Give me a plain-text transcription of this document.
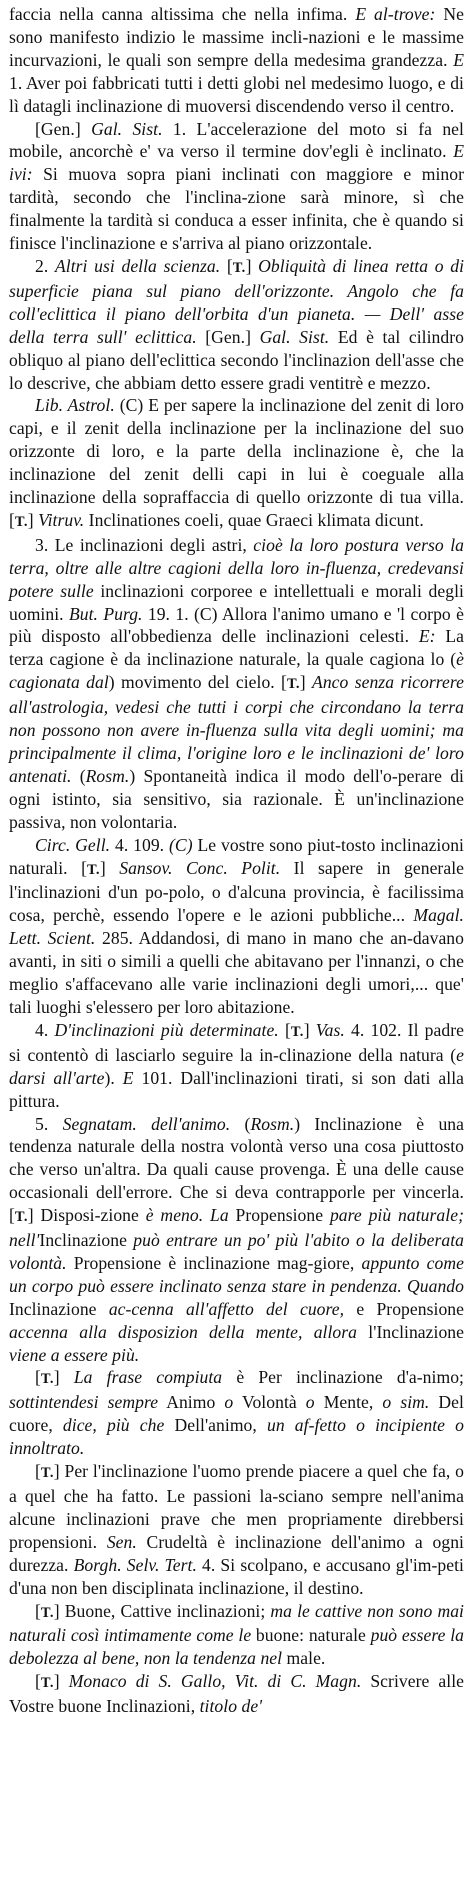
faccia nella canna altissima che nella infima. E al-trove: Ne sono manifesto indizio le massime incli-nazioni e le massime incurvazioni, le quali son sempre della medesima grandezza. E 1. Aver poi fabbricati tutti i detti globi nel medesimo luogo, e di lì datagli inclinazione di muoversi discendendo verso il centro.

[Gen.] Gal. Sist. 1. L'accelerazione del moto si fa nel mobile, ancorchè e' va verso il termine dov'egli è inclinato. E ivi: Si muova sopra piani inclinati con maggiore e minor tardità, secondo che l'inclina-zione sarà minore, sì che finalmente la tardità si conduca a esser infinita, che è quando si finisce l'inclinazione e s'arriva al piano orizzontale.

2. Altri usi della scienza. [T.] Obliquità di linea retta o di superficie piana sul piano dell'orizzonte. Angolo che fa coll'eclittica il piano dell'orbita d'un pianeta. — Dell' asse della terra sull' eclittica. [Gen.] Gal. Sist. Ed è tal cilindro obliquo al piano dell'eclittica secondo l'inclinazion dell'asse che lo descrive, che abbiam detto essere gradi ventitrè e mezzo.

Lib. Astrol. (C) E per sapere la inclinazione del zenit di loro capi, e il zenit della inclinazione per la inclinazione del suo orizzonte di loro, e la parte della inclinazione è, che la inclinazione del zenit delli capi in lui è coeguale alla inclinazione della sopraffaccia di quello orizzonte di tua villa. [T.] Vitruv. Inclinationes coeli, quae Graeci klimata dicunt.

3. Le inclinazioni degli astri, cioè la loro postura verso la terra, oltre alle altre cagioni della loro in-fluenza, credevansi potere sulle inclinazioni corporee e intellettuali e morali degli uomini. But. Purg. 19. 1. (C) Allora l'animo umano e 'l corpo è più disposto all'obbedienza delle inclinazioni celesti. E: La terza cagione è da inclinazione naturale, la quale cagiona lo (è cagionata dal) movimento del cielo. [T.] Anco senza ricorrere all'astrologia, vedesi che tutti i corpi che circondano la terra non possono non avere in-fluenza sulla vita degli uomini; ma principalmente il clima, l'origine loro e le inclinazioni de' loro antenati. (Rosm.) Spontaneità indica il modo dell'o-perare di ogni istinto, sia sensitivo, sia razionale. È un'inclinazione passiva, non volontaria.

Circ. Gell. 4. 109. (C) Le vostre sono piut-tosto inclinazioni naturali. [T.] Sansov. Conc. Polit. Il sapere in generale l'inclinazioni d'un po-polo, o d'alcuna provincia, è facilissima cosa, perchè, essendo l'opere e le azioni pubbliche... Magal. Lett. Scient. 285. Addandosi, di mano in mano che an-davano avanti, in siti o simili a quelli che abitavano per l'innanzi, o che meglio s'affacevano alle varie inclinazioni degli umori,... que' tali luoghi s'elessero per loro abitazione.

4. D'inclinazioni più determinate. [T.] Vas. 4. 102. Il padre si contentò di lasciarlo seguire la in-clinazione della natura (e darsi all'arte). E 101. Dall'inclinazioni tirati, si son dati alla pittura.

5. Segnatam. dell'animo. (Rosm.) Inclinazione è una tendenza naturale della nostra volontà verso una cosa piuttosto che verso un'altra. Da quali cause provenga. È una delle cause occasionali dell'errore. Che si deva contrapporle per vincerla. [T.] Disposi-zione è meno. La Propensione pare più naturale; nell'Inclinazione può entrare un po' più l'abito o la deliberata volontà. Propensione è inclinazione mag-giore, appunto come un corpo può essere inclinato senza stare in pendenza. Quando Inclinazione ac-cenna all'affetto del cuore, e Propensione accenna alla disposizion della mente, allora l'Inclinazione viene a essere più.

[T.] La frase compiuta è Per inclinazione d'a-nimo; sottintendesi sempre Animo o Volontà o Mente, o sim. Del cuore, dice, più che Dell'animo, un af-fetto o incipiente o innoltrato.

[T.] Per l'inclinazione l'uomo prende piacere a quel che fa, o a quel che ha fatto. Le passioni la-sciano sempre nell'anima alcune inclinazioni prave che men propriamente direbbersi propensioni. Sen. Crudeltà è inclinazione dell'animo a ogni durezza. Borgh. Selv. Tert. 4. Si scolpano, e accusano gl'im-peti d'una non ben disciplinata inclinazione, il destino.

[T.] Buone, Cattive inclinazioni; ma le cattive non sono mai naturali così intimamente come le buone: naturale può essere la debolezza al bene, non la tendenza nel male.

[T.] Monaco di S. Gallo, Vit. di C. Magn. Scrivere alle Vostre buone Inclinazioni, titolo de'
